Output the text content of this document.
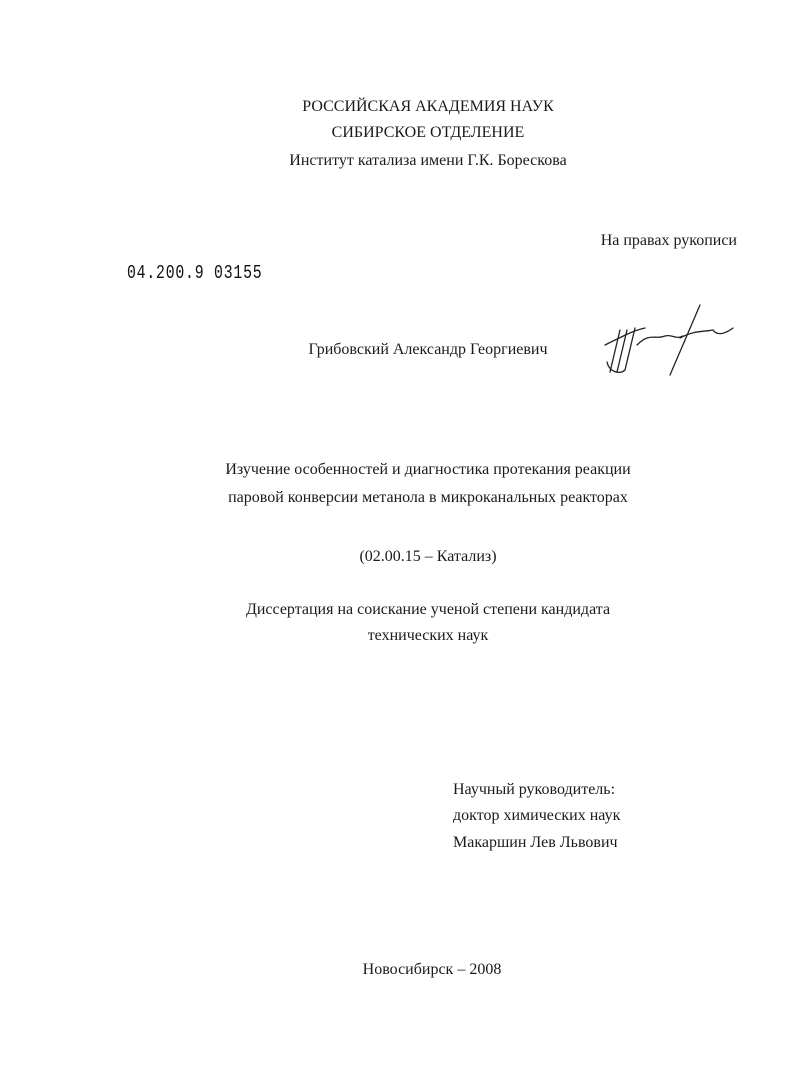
РОССИЙСКАЯ АКАДЕМИЯ НАУК
СИБИРСКОЕ ОТДЕЛЕНИЕ
Институт катализа имени Г.К. Борескова
На правах рукописи
04.200.9 03155
Грибовский Александр Георгиевич
Изучение особенностей и диагностика протекания реакции
паровой конверсии метанола в микроканальных реакторах
(02.00.15 – Катализ)
Диссертация на соискание ученой степени кандидата
технических наук
Научный руководитель:
доктор химических наук
Макаршин Лев Львович
Новосибирск – 2008
